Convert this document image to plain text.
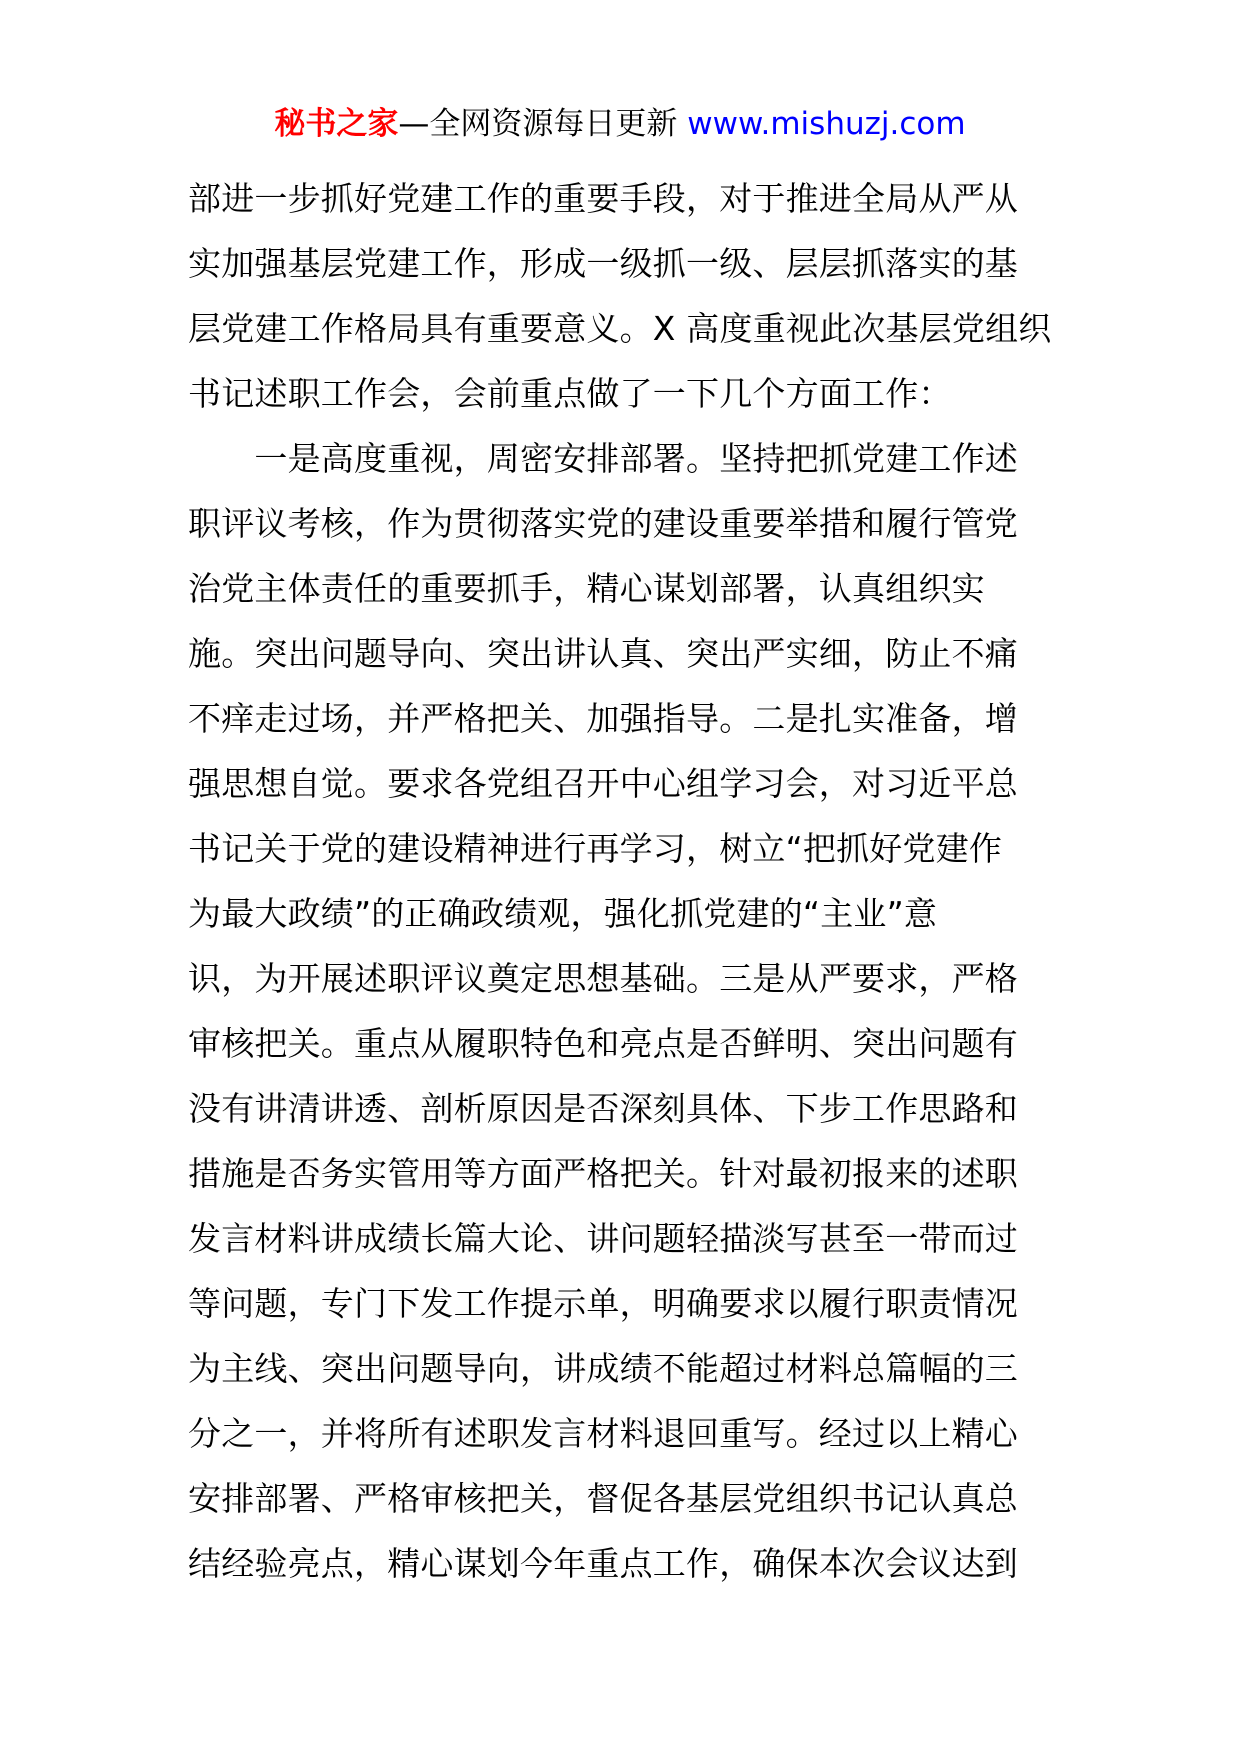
秘书之家—全网资源每日更新 www.mishuzj.com
部进一步抓好党建工作的重要手段，对于推进全局从严从
实加强基层党建工作，形成一级抓一级、层层抓落实的基
层党建工作格局具有重要意义。X 高度重视此次基层党组织
书记述职工作会，会前重点做了一下几个方面工作：
　　一是高度重视，周密安排部署。坚持把抓党建工作述
职评议考核，作为贯彻落实党的建设重要举措和履行管党
治党主体责任的重要抓手，精心谋划部署，认真组织实
施。突出问题导向、突出讲认真、突出严实细，防止不痛
不痒走过场，并严格把关、加强指导。二是扎实准备，增
强思想自觉。要求各党组召开中心组学习会，对习近平总
书记关于党的建设精神进行再学习，树立“把抓好党建作
为最大政绩”的正确政绩观，强化抓党建的“主业”意
识，为开展述职评议奠定思想基础。三是从严要求，严格
审核把关。重点从履职特色和亮点是否鲜明、突出问题有
没有讲清讲透、剖析原因是否深刻具体、下步工作思路和
措施是否务实管用等方面严格把关。针对最初报来的述职
发言材料讲成绩长篇大论、讲问题轻描淡写甚至一带而过
等问题，专门下发工作提示单，明确要求以履行职责情况
为主线、突出问题导向，讲成绩不能超过材料总篇幅的三
分之一，并将所有述职发言材料退回重写。经过以上精心
安排部署、严格审核把关，督促各基层党组织书记认真总
结经验亮点，精心谋划今年重点工作，确保本次会议达到
